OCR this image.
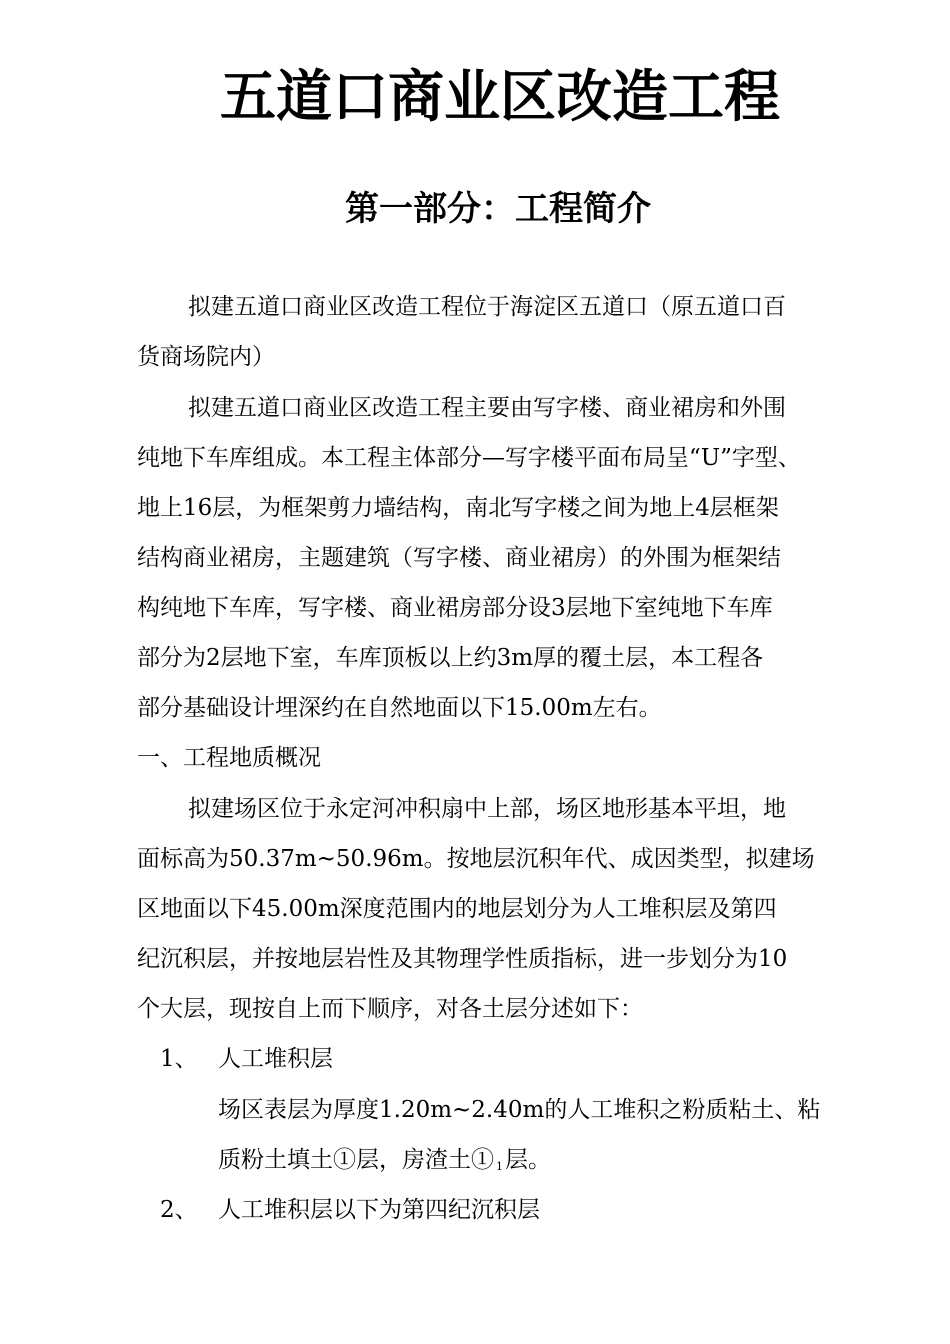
五道口商业区改造工程
第一部分：工程简介
拟建五道口商业区改造工程位于海淀区五道口（原五道口百
货商场院内）
拟建五道口商业区改造工程主要由写字楼、商业裙房和外围
纯地下车库组成。本工程主体部分—写字楼平面布局呈“U”字型、
地上16层，为框架剪力墙结构，南北写字楼之间为地上4层框架
结构商业裙房，主题建筑（写字楼、商业裙房）的外围为框架结
构纯地下车库，写字楼、商业裙房部分设3层地下室纯地下车库
部分为2层地下室，车库顶板以上约3m厚的覆土层，本工程各
部分基础设计埋深约在自然地面以下15.00m左右。
一、工程地质概况
拟建场区位于永定河冲积扇中上部，场区地形基本平坦，地
面标高为50.37m~50.96m。按地层沉积年代、成因类型，拟建场
区地面以下45.00m深度范围内的地层划分为人工堆积层及第四
纪沉积层，并按地层岩性及其物理学性质指标，进一步划分为10
个大层，现按自上而下顺序，对各土层分述如下：
1、 人工堆积层
场区表层为厚度1.20m~2.40m的人工堆积之粉质粘土、粘
质粉土填土①层，房渣土① $_1$层。
2、 人工堆积层以下为第四纪沉积层
